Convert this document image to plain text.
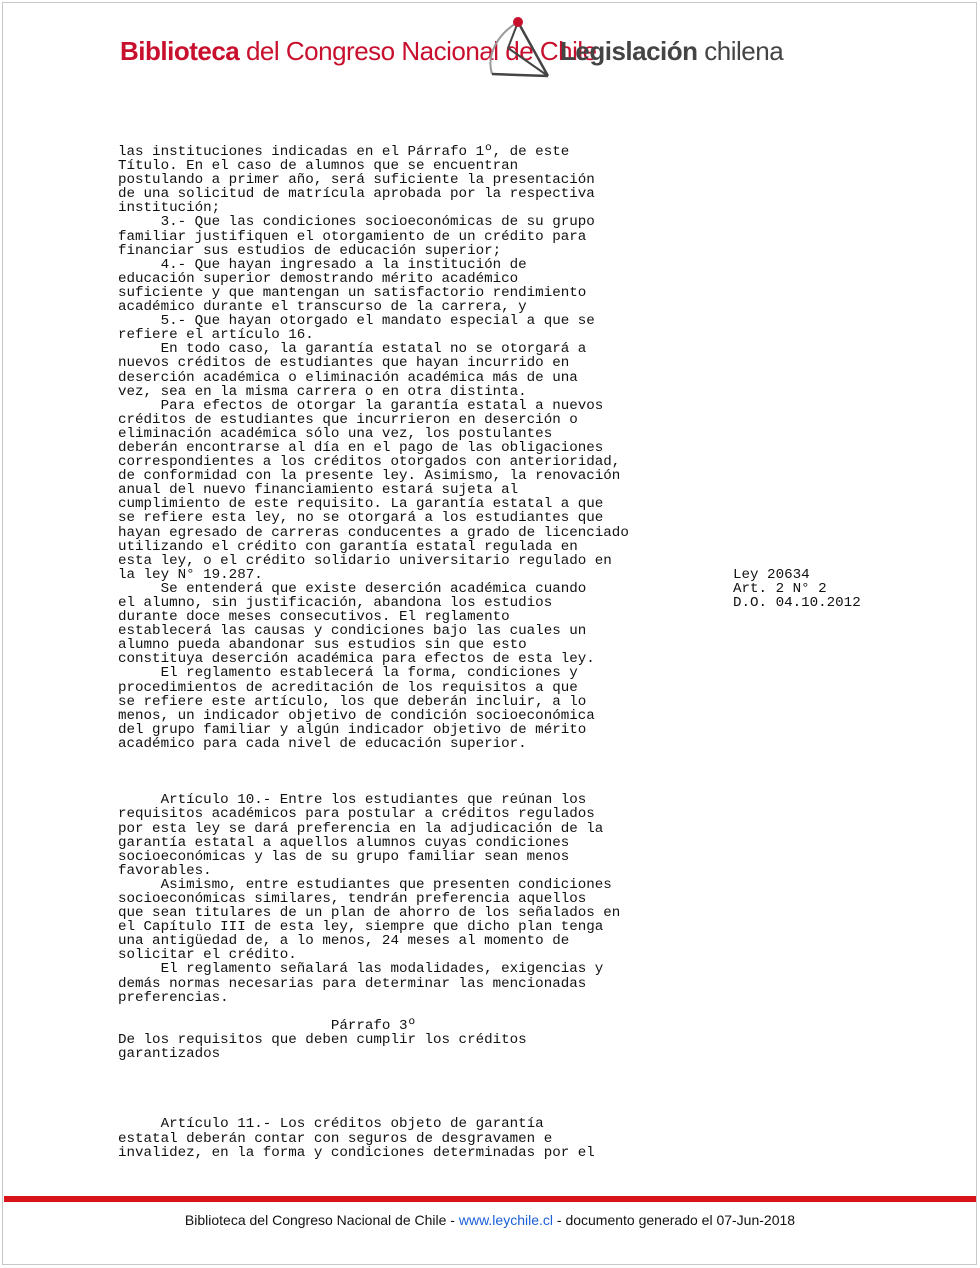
Biblioteca del Congreso Nacional de Chile
Legislación chilena

las instituciones indicadas en el Párrafo 1º, de este

Título. En el caso de alumnos que se encuentran

postulando a primer año, será suficiente la presentación

de una solicitud de matrícula aprobada por la respectiva

institución;

3.- Que las condiciones socioeconómicas de su grupo

familiar justifiquen el otorgamiento de un crédito para

financiar sus estudios de educación superior;

4.- Que hayan ingresado a la institución de

educación superior demostrando mérito académico

suficiente y que mantengan un satisfactorio rendimiento

académico durante el transcurso de la carrera, y

5.- Que hayan otorgado el mandato especial a que se

refiere el artículo 16.

En todo caso, la garantía estatal no se otorgará a

nuevos créditos de estudiantes que hayan incurrido en

deserción académica o eliminación académica más de una

vez, sea en la misma carrera o en otra distinta.

Para efectos de otorgar la garantía estatal a nuevos

créditos de estudiantes que incurrieron en deserción o

eliminación académica sólo una vez, los postulantes

deberán encontrarse al día en el pago de las obligaciones

correspondientes a los créditos otorgados con anterioridad,

de conformidad con la presente ley. Asimismo, la renovación

anual del nuevo financiamiento estará sujeta al

cumplimiento de este requisito. La garantía estatal a que

se refiere esta ley, no se otorgará a los estudiantes que

hayan egresado de carreras conducentes a grado de licenciado

utilizando el crédito con garantía estatal regulada en

esta ley, o el crédito solidario universitario regulado en

la ley N° 19.287.

Se entenderá que existe deserción académica cuando

el alumno, sin justificación, abandona los estudios

durante doce meses consecutivos. El reglamento

establecerá las causas y condiciones bajo las cuales un

alumno pueda abandonar sus estudios sin que esto

constituya deserción académica para efectos de esta ley.

El reglamento establecerá la forma, condiciones y

procedimientos de acreditación de los requisitos a que

se refiere este artículo, los que deberán incluir, a lo

menos, un indicador objetivo de condición socioeconómica

del grupo familiar y algún indicador objetivo de mérito

académico para cada nivel de educación superior.

Artículo 10.- Entre los estudiantes que reúnan los

requisitos académicos para postular a créditos regulados

por esta ley se dará preferencia en la adjudicación de la

garantía estatal a aquellos alumnos cuyas condiciones

socioeconómicas y las de su grupo familiar sean menos

favorables.

Asimismo, entre estudiantes que presenten condiciones

socioeconómicas similares, tendrán preferencia aquellos

que sean titulares de un plan de ahorro de los señalados en

el Capítulo III de esta ley, siempre que dicho plan tenga

una antigüedad de, a lo menos, 24 meses al momento de

solicitar el crédito.

El reglamento señalará las modalidades, exigencias y

demás normas necesarias para determinar las mencionadas

preferencias.

Párrafo 3º

De los requisitos que deben cumplir los créditos

garantizados

Artículo 11.- Los créditos objeto de garantía

estatal deberán contar con seguros de desgravamen e

invalidez, en la forma y condiciones determinadas por el

Ley 20634
Art. 2 N° 2
D.O. 04.10.2012
Biblioteca del Congreso Nacional de Chile - www.leychile.cl - documento generado el 07-Jun-2018
